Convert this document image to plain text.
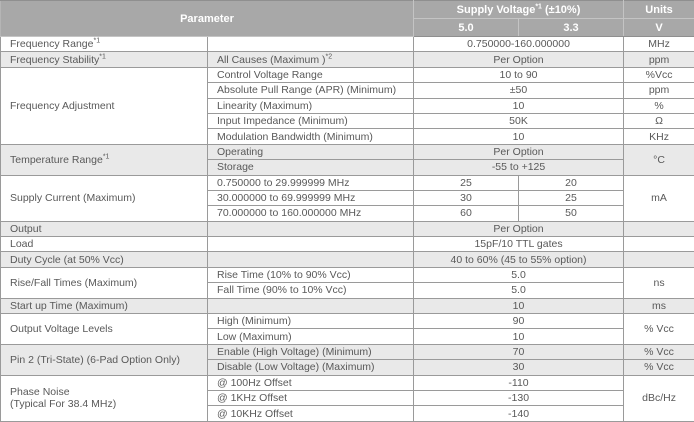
Parameter		Supply Voltage$^{*1}$ (±10%)		Units
		5.0	3.3	V
Frequency Range$^{*1}$		0.750000-160.000000		MHz
Frequency Stability$^{*1}$	All Causes (Maximum )$^{*2}$	Per Option		ppm
Frequency Adjustment	Control Voltage Range	10 to 90		%Vcc
	Absolute Pull Range (APR) (Minimum)	±50		ppm
	Linearity (Maximum)	10		%
	Input Impedance (Minimum)	50K		Ω
	Modulation Bandwidth (Minimum)	10		KHz
Temperature Range$^{*1}$	Operating	Per Option		°C
	Storage	-55 to +125		
Supply Current (Maximum)	0.750000 to 29.999999 MHz	25	20	mA
	30.000000 to 69.999999 MHz	30	25	
	70.000000 to 160.000000 MHz	60	50	
Output		Per Option		
Load		15pF/10 TTL gates		
Duty Cycle (at 50% Vcc)		40 to 60% (45 to 55% option)		
Rise/Fall Times (Maximum)	Rise Time (10% to 90% Vcc)	5.0		ns
	Fall Time (90% to 10% Vcc)	5.0		
Start up Time (Maximum)		10		ms
Output Voltage Levels	High (Minimum)	90		% Vcc
	Low (Maximum)	10		
Pin 2 (Tri-State) (6-Pad Option Only)	Enable (High Voltage) (Minimum)	70		% Vcc
	Disable (Low Voltage) (Maximum)	30		% Vcc
Phase Noise
(Typical For 38.4 MHz)	@ 100Hz Offset	-110		dBc/Hz
	@ 1KHz Offset	-130		
	@ 10KHz Offset	-140		
